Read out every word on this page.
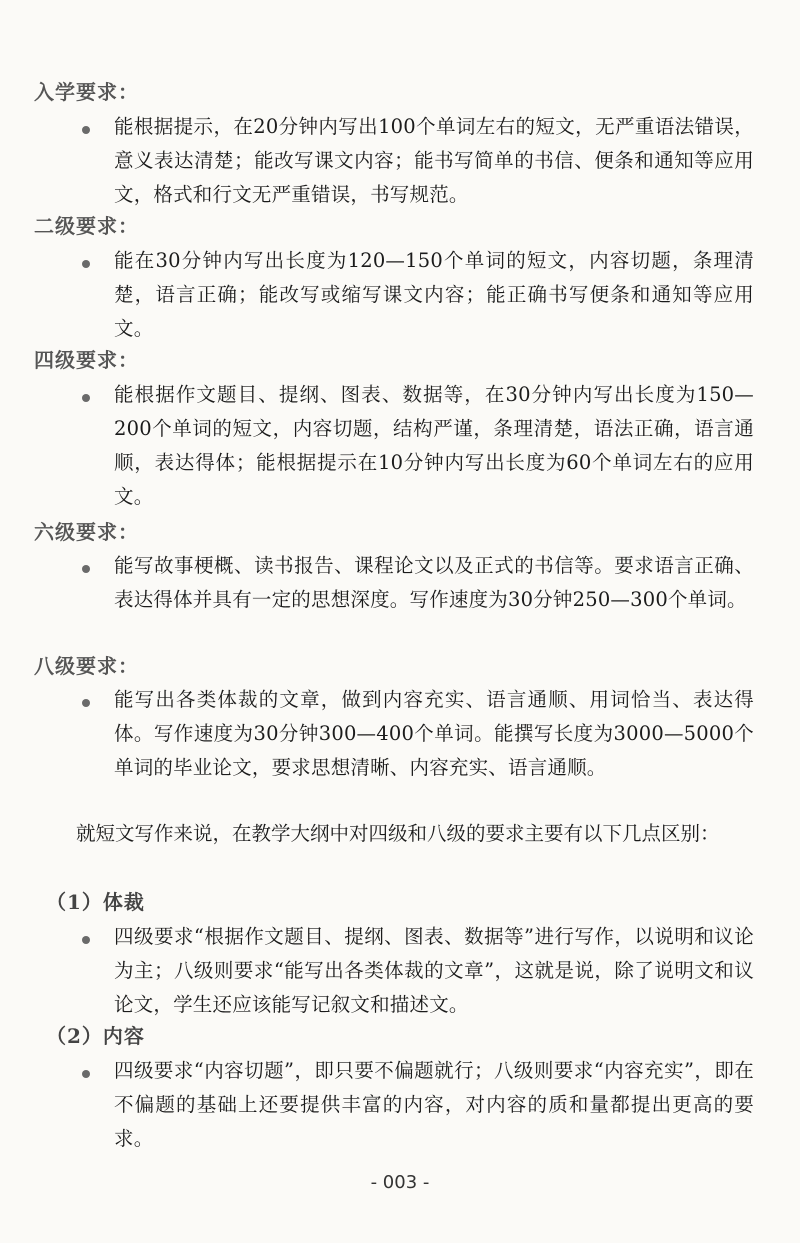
入学要求：
能根据提示，在20分钟内写出100个单词左右的短文，无严重语法错误，意义表达清楚；能改写课文内容；能书写简单的书信、便条和通知等应用文，格式和行文无严重错误，书写规范。
二级要求：
能在30分钟内写出长度为120—150个单词的短文，内容切题，条理清楚，语言正确；能改写或缩写课文内容；能正确书写便条和通知等应用文。
四级要求：
能根据作文题目、提纲、图表、数据等，在30分钟内写出长度为150—200个单词的短文，内容切题，结构严谨，条理清楚，语法正确，语言通顺，表达得体；能根据提示在10分钟内写出长度为60个单词左右的应用文。
六级要求：
能写故事梗概、读书报告、课程论文以及正式的书信等。要求语言正确、表达得体并具有一定的思想深度。写作速度为30分钟250—300个单词。
八级要求：
能写出各类体裁的文章，做到内容充实、语言通顺、用词恰当、表达得体。写作速度为30分钟300—400个单词。能撰写长度为3000—5000个单词的毕业论文，要求思想清晰、内容充实、语言通顺。
就短文写作来说，在教学大纲中对四级和八级的要求主要有以下几点区别：
（1）体裁
四级要求“根据作文题目、提纲、图表、数据等”进行写作，以说明和议论为主；八级则要求“能写出各类体裁的文章”，这就是说，除了说明文和议论文，学生还应该能写记叙文和描述文。
（2）内容
四级要求“内容切题”，即只要不偏题就行；八级则要求“内容充实”，即在不偏题的基础上还要提供丰富的内容，对内容的质和量都提出更高的要求。
- 003 -
